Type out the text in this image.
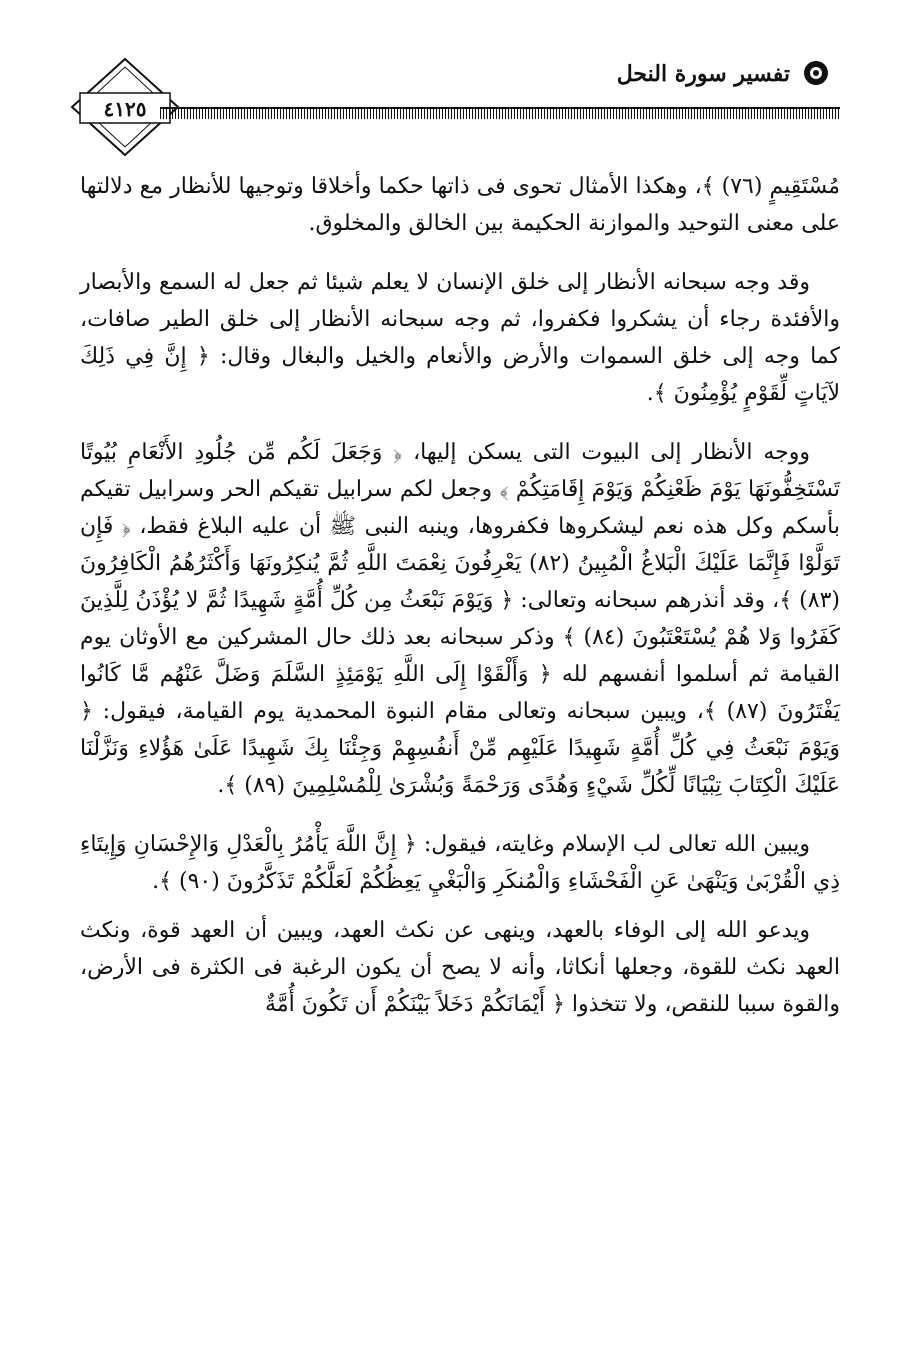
٤١٢٥
تفسير سورة النحل

مُسْتَقِيمٍ (٧٦) ﴾، وهكذا الأمثال تحوى فى ذاتها حكما وأخلاقا وتوجيها للأنظار مع دلالتها على معنى التوحيد والموازنة الحكيمة بين الخالق والمخلوق.

وقد وجه سبحانه الأنظار إلى خلق الإنسان لا يعلم شيئا ثم جعل له السمع والأبصار والأفئدة رجاء أن يشكروا فكفروا، ثم وجه سبحانه الأنظار إلى خلق الطير صافات، كما وجه إلى خلق السموات والأرض والأنعام والخيل والبغال وقال: ﴿ إِنَّ فِي ذَلِكَ لآيَاتٍ لِّقَوْمٍ يُؤْمِنُونَ ﴾.

ووجه الأنظار إلى البيوت التى يسكن إليها، ﴿ وَجَعَلَ لَكُم مِّن جُلُودِ الأَنْعَامِ بُيُوتًا تَسْتَخِفُّونَهَا يَوْمَ ظَعْنِكُمْ وَيَوْمَ إِقَامَتِكُمْ ﴾ وجعل لكم سرابيل تقيكم الحر وسرابيل تقيكم بأسكم وكل هذه نعم ليشكروها فكفروها، وينبه النبى ﷺ أن عليه البلاغ فقط، ﴿ فَإِن تَوَلَّوْا فَإِنَّمَا عَلَيْكَ الْبَلاغُ الْمُبِينُ (٨٢) يَعْرِفُونَ نِعْمَتَ اللَّهِ ثُمَّ يُنكِرُونَهَا وَأَكْثَرُهُمُ الْكَافِرُونَ (٨٣) ﴾، وقد أنذرهم سبحانه وتعالى: ﴿ وَيَوْمَ نَبْعَثُ مِن كُلِّ أُمَّةٍ شَهِيدًا ثُمَّ لا يُؤْذَنُ لِلَّذِينَ كَفَرُوا وَلا هُمْ يُسْتَعْتَبُونَ (٨٤) ﴾ وذكر سبحانه بعد ذلك حال المشركين مع الأوثان يوم القيامة ثم أسلموا أنفسهم لله ﴿ وَأَلْقَوْا إِلَى اللَّهِ يَوْمَئِذٍ السَّلَمَ وَضَلَّ عَنْهُم مَّا كَانُوا يَفْتَرُونَ (٨٧) ﴾، ويبين سبحانه وتعالى مقام النبوة المحمدية يوم القيامة، فيقول: ﴿ وَيَوْمَ نَبْعَثُ فِي كُلِّ أُمَّةٍ شَهِيدًا عَلَيْهِم مِّنْ أَنفُسِهِمْ وَجِئْنَا بِكَ شَهِيدًا عَلَىٰ هَؤُلاءِ وَنَزَّلْنَا عَلَيْكَ الْكِتَابَ تِبْيَانًا لِّكُلِّ شَيْءٍ وَهُدًى وَرَحْمَةً وَبُشْرَىٰ لِلْمُسْلِمِينَ (٨٩) ﴾.

ويبين الله تعالى لب الإسلام وغايته، فيقول: ﴿ إِنَّ اللَّهَ يَأْمُرُ بِالْعَدْلِ وَالإِحْسَانِ وَإِيتَاءِ ذِي الْقُرْبَىٰ وَيَنْهَىٰ عَنِ الْفَحْشَاءِ وَالْمُنكَرِ وَالْبَغْيِ يَعِظُكُمْ لَعَلَّكُمْ تَذَكَّرُونَ (٩٠) ﴾.

ويدعو الله إلى الوفاء بالعهد، وينهى عن نكث العهد، ويبين أن العهد قوة، ونكث العهد نكث للقوة، وجعلها أنكاثا، وأنه لا يصح أن يكون الرغبة فى الكثرة فى الأرض، والقوة سببا للنقص، ولا تتخذوا ﴿ أَيْمَانَكُمْ دَخَلاً بَيْنَكُمْ أَن تَكُونَ أُمَّةٌ
